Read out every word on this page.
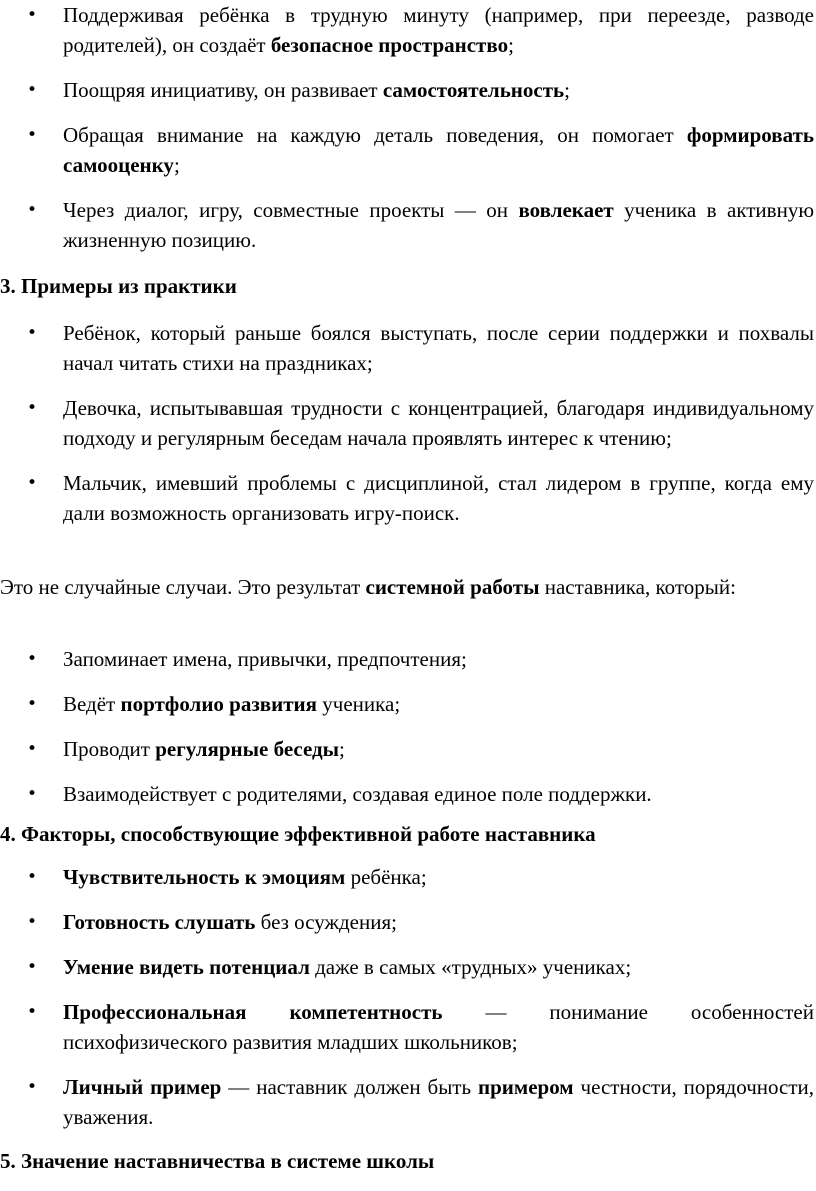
• Поддерживая ребёнка в трудную минуту (например, при переезде, разводе родителей), он создаёт безопасное пространство;
• Поощряя инициативу, он развивает самостоятельность;
• Обращая внимание на каждую деталь поведения, он помогает формировать самооценку;
• Через диалог, игру, совместные проекты — он вовлекает ученика в активную жизненную позицию.

3. Примеры из практики

• Ребёнок, который раньше боялся выступать, после серии поддержки и похвалы начал читать стихи на праздниках;
• Девочка, испытывавшая трудности с концентрацией, благодаря индивидуальному подходу и регулярным беседам начала проявлять интерес к чтению;
• Мальчик, имевший проблемы с дисциплиной, стал лидером в группе, когда ему дали возможность организовать игру-поиск.

Это не случайные случаи. Это результат системной работы наставника, который:

• Запоминает имена, привычки, предпочтения;
• Ведёт портфолио развития ученика;
• Проводит регулярные беседы;
• Взаимодействует с родителями, создавая единое поле поддержки.

4. Факторы, способствующие эффективной работе наставника

• Чувствительность к эмоциям ребёнка;
• Готовность слушать без осуждения;
• Умение видеть потенциал даже в самых «трудных» учениках;
• Профессиональная компетентность — понимание особенностей психофизического развития младших школьников;
• Личный пример — наставник должен быть примером честности, порядочности, уважения.

5. Значение наставничества в системе школы
